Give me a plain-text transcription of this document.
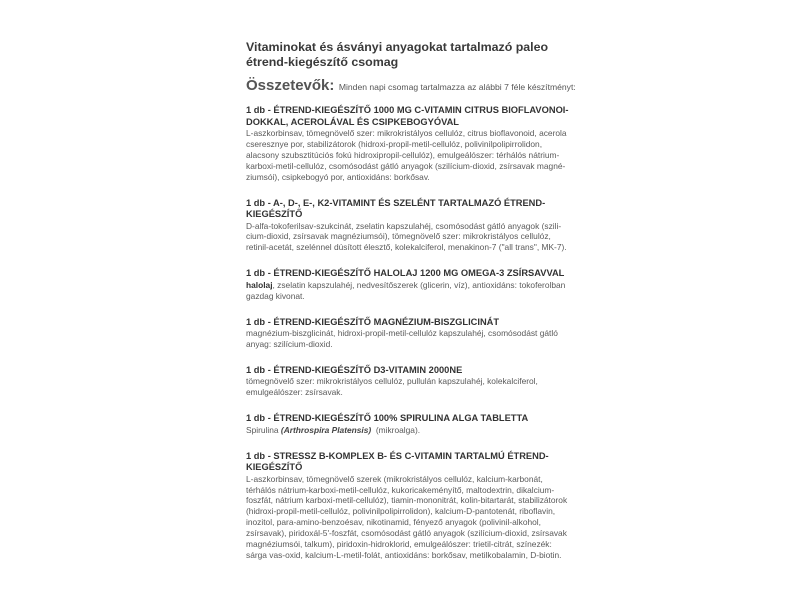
Vitaminokat és ásványi anyagokat tartalmazó paleo
étrend-kiegészítő csomag
Összetevők: Minden napi csomag tartalmazza az alábbi 7 féle készítményt:
1 db - ÉTREND-KIEGÉSZÍTŐ 1000 MG C-VITAMIN CITRUS BIOFLAVONOI-
DOKKAL, ACEROLÁVAL ÉS CSIPKEBOGYÓVAL
L-aszkorbinsav, tömegnövelő szer: mikrokristályos cellulóz, citrus bioflavonoid, acerola
cseresznye por, stabilizátorok (hidroxi-propil-metil-cellulóz, polivinilpolipirrolidon,
alacsony szubsztitúciós fokú hidroxipropil-cellulóz), emulgeálószer: térhálós nátrium-
karboxi-metil-cellulóz, csomósodást gátló anyagok (szilícium-dioxid, zsírsavak magné-
ziumsói), csipkebogyó por, antioxidáns: borkősav.
1 db - A-, D-, E-, K2-VITAMINT ÉS SZELÉNT TARTALMAZÓ ÉTREND-
KIEGÉSZÍTŐ
D-alfa-tokoferilsav-szukcinát, zselatin kapszulahéj, csomósodást gátló anyagok (szili-
cium-dioxid, zsírsavak magnéziumsói), tömegnövelő szer: mikrokristályos cellulóz,
retinil-acetát, szelénnel dúsított élesztő, kolekalciferol, menakinon-7 ("all trans", MK-7).
1 db - ÉTREND-KIEGÉSZÍTŐ HALOLAJ 1200 MG OMEGA-3 ZSÍRSAVVAL
halolaj, zselatin kapszulahéj, nedvesítőszerek (glicerin, víz), antioxidáns: tokoferolban
gazdag kivonat.
1 db - ÉTREND-KIEGÉSZÍTŐ MAGNÉZIUM-BISZGLICINÁT
magnézium-biszglicinát, hidroxi-propil-metil-cellulóz kapszulahéj, csomósodást gátló
anyag: szilícium-dioxid.
1 db - ÉTREND-KIEGÉSZÍTŐ D3-VITAMIN 2000NE
tömegnövelő szer: mikrokristályos cellulóz, pullulán kapszulahéj, kolekalciferol,
emulgeálószer: zsírsavak.
1 db - ÉTREND-KIEGÉSZÍTŐ 100% SPIRULINA ALGA TABLETTA
Spirulina (Arthrospira Platensis)  (mikroalga).
1 db - STRESSZ B-KOMPLEX B- ÉS C-VITAMIN TARTALMÚ ÉTREND-
KIEGÉSZÍTŐ
L-aszkorbinsav, tömegnövelő szerek (mikrokristályos cellulóz, kalcium-karbonát,
térhálós nátrium-karboxi-metil-cellulóz, kukoricakeményítő, maltodextrin, dikalcium-
foszfát, nátrium karboxi-metil-cellulóz), tiamin-mononitrát, kolin-bitartarát, stabilizátorok
(hidroxi-propil-metil-cellulóz, polivinilpolipirrolidon), kalcium-D-pantotenát, riboflavin,
inozitol, para-amino-benzoésav, nikotinamid, fényező anyagok (polivinil-alkohol,
zsírsavak), piridoxál-5'-foszfát, csomósodást gátló anyagok (szilícium-dioxid, zsírsavak
magnéziumsói, talkum), piridoxin-hidroklorid, emulgeálószer: trietil-citrát, színezék:
sárga vas-oxid, kalcium-L-metil-folát, antioxidáns: borkősav, metilkobalamin, D-biotin.
